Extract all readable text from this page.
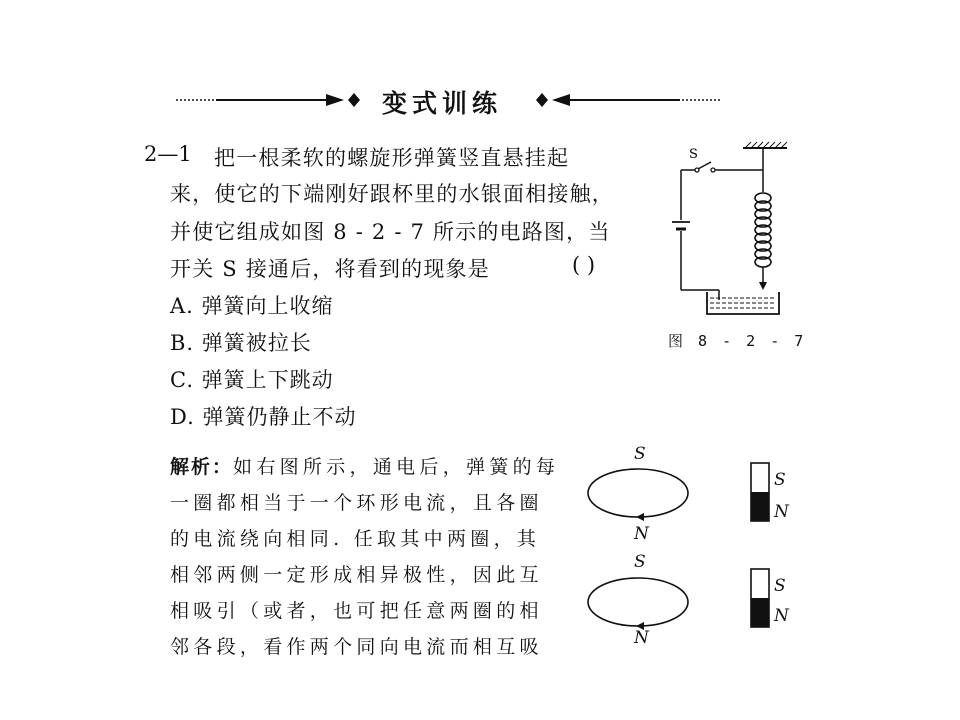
变式训练
2—1 把一根柔软的螺旋形弹簧竖直悬挂起
来，使它的下端刚好跟杯里的水银面相接触，
并使它组成如图 8 - 2 - 7 所示的电路图，当
开关 S 接通后，将看到的现象是	( )
A. 弹簧向上收缩
B. 弹簧被拉长
C. 弹簧上下跳动
D. 弹簧仍静止不动
S
图 8 - 2 - 7
解析：如右图所示，通电后，弹簧的每
一圈都相当于一个环形电流，且各圈
的电流绕向相同. 任取其中两圈，其
相邻两侧一定形成相异极性，因此互
相吸引（或者，也可把任意两圈的相
邻各段，看作两个同向电流而相互吸
S
N
S
N
S
N
S
N
